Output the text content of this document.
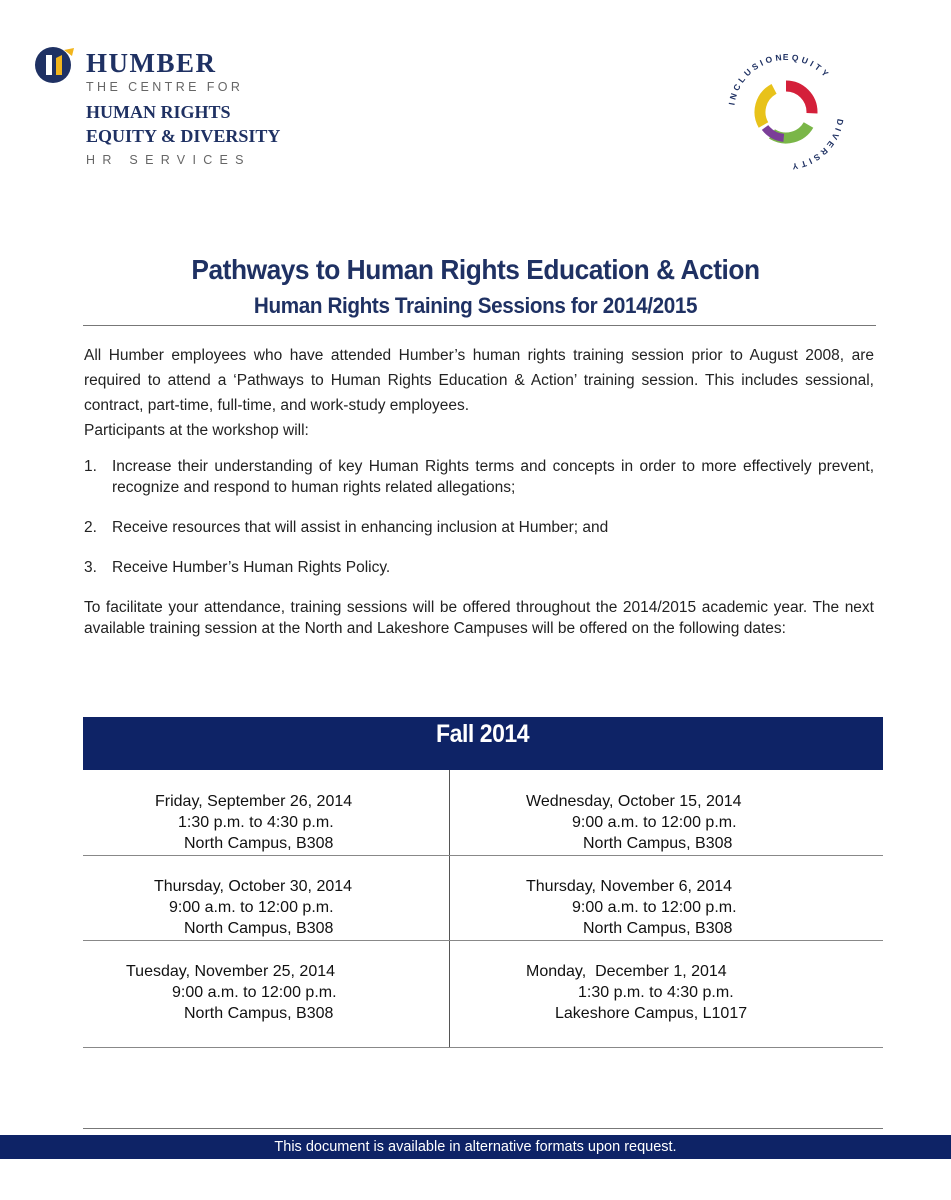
HUMBER
THE CENTRE FOR
HUMAN RIGHTS
EQUITY & DIVERSITY
HR SERVICES
EQUITY
DIVERSITY
INCLUSION
Pathways to Human Rights Education & Action
Human Rights Training Sessions for 2014/2015

All Humber employees who have attended Humber’s human rights training session prior to August 2008, are required to attend a ‘Pathways to Human Rights Education & Action’ training session. This includes sessional, contract, part-time, full-time, and work-study employees.

Participants at the workshop will:

1. Increase their understanding of key Human Rights terms and concepts in order to more effectively prevent, recognize and respond to human rights related allegations;
2. Receive resources that will assist in enhancing inclusion at Humber; and
3. Receive Humber’s Human Rights Policy.
To facilitate your attendance, training sessions will be offered throughout the 2014/2015 academic year. The next available training session at the North and Lakeshore Campuses will be offered on the following dates:
Fall 2014
Friday, September 26, 2014
1:30 p.m. to 4:30 p.m.
North Campus, B308
Wednesday, October 15, 2014
9:00 a.m. to 12:00 p.m.
North Campus, B308
Thursday, October 30, 2014
9:00 a.m. to 12:00 p.m.
North Campus, B308
Thursday, November 6, 2014
9:00 a.m. to 12:00 p.m.
North Campus, B308
Tuesday, November 25, 2014
9:00 a.m. to 12:00 p.m.
North Campus, B308
Monday,  December 1, 2014
1:30 p.m. to 4:30 p.m.
Lakeshore Campus, L1017
This document is available in alternative formats upon request.
